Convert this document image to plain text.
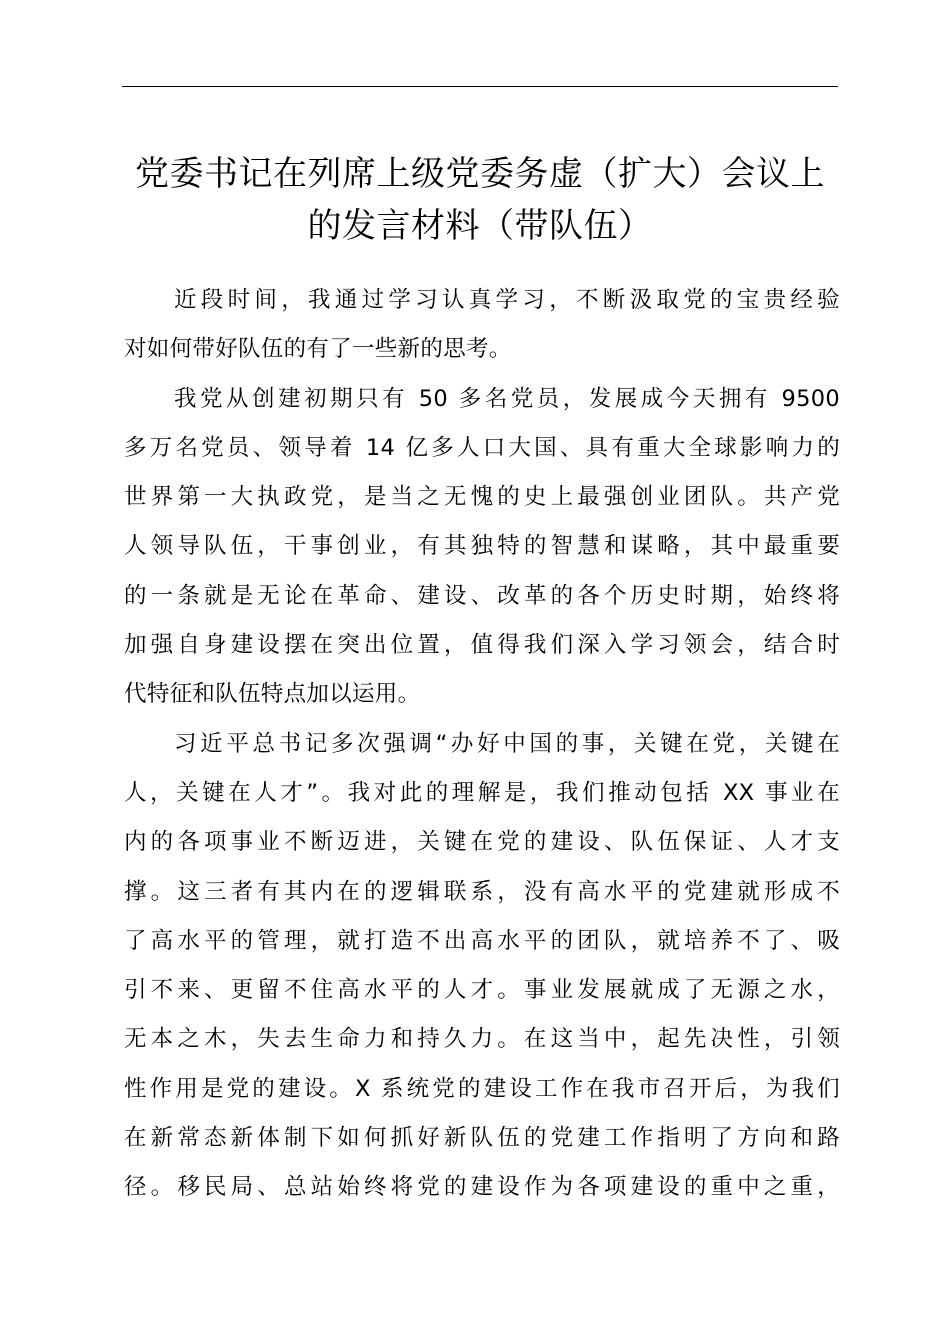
党委书记在列席上级党委务虚（扩大）会议上
的发言材料（带队伍）
近段时间，我通过学习认真学习，不断汲取党的宝贵经验
对如何带好队伍的有了一些新的思考。
我党从创建初期只有 50 多名党员，发展成今天拥有 9500
多万名党员、领导着 14 亿多人口大国、具有重大全球影响力的
世界第一大执政党，是当之无愧的史上最强创业团队。共产党
人领导队伍，干事创业，有其独特的智慧和谋略，其中最重要
的一条就是无论在革命、建设、改革的各个历史时期，始终将
加强自身建设摆在突出位置，值得我们深入学习领会，结合时
代特征和队伍特点加以运用。
习近平总书记多次强调“办好中国的事，关键在党，关键在
人，关键在人才”。我对此的理解是，我们推动包括 XX 事业在
内的各项事业不断迈进，关键在党的建设、队伍保证、人才支
撑。这三者有其内在的逻辑联系，没有高水平的党建就形成不
了高水平的管理，就打造不出高水平的团队，就培养不了、吸
引不来、更留不住高水平的人才。事业发展就成了无源之水，
无本之木，失去生命力和持久力。在这当中，起先决性，引领
性作用是党的建设。X 系统党的建设工作在我市召开后，为我们
在新常态新体制下如何抓好新队伍的党建工作指明了方向和路
径。移民局、总站始终将党的建设作为各项建设的重中之重，
